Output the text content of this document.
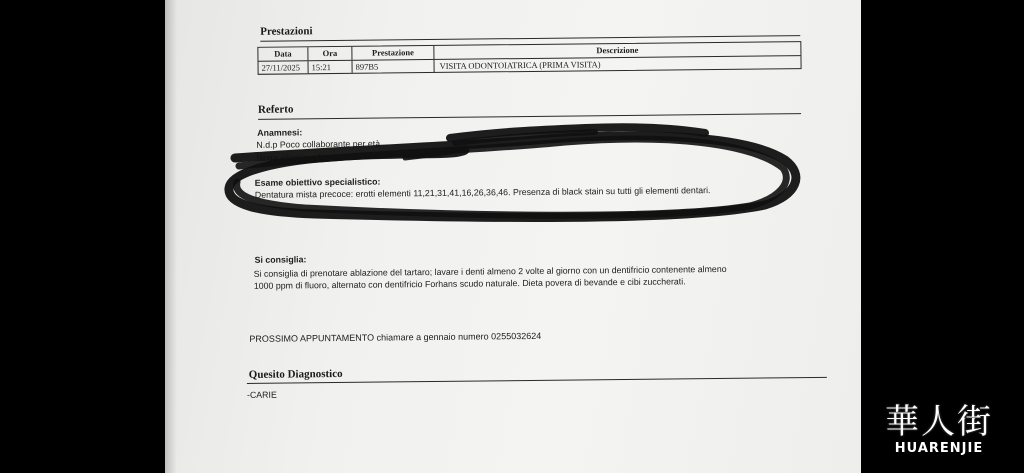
Prestazioni
Data	Ora	Prestazione	Descrizione
27/11/2025	15:21	897B5	VISITA ODONTOIATRICA (PRIMA VISITA)
Referto
Anamnesi:
N.d.p Poco collaborante per età.
Nega allergie a farmaci.
Esame obiettivo specialistico:
Dentatura mista precoce: erotti elementi 11,21,31,41,16,26,36,46. Presenza di black stain su tutti gli elementi dentari.
Si consiglia:
Si consiglia di prenotare ablazione del tartaro; lavare i denti almeno 2 volte al giorno con un dentifricio contenente almeno
1000 ppm di fluoro, alternato con dentifricio Forhans scudo naturale. Dieta povera di bevande e cibi zuccherati.
PROSSIMO APPUNTAMENTO chiamare a gennaio numero 0255032624
Quesito Diagnostico
-CARIE
華人街
HUARENJIE
